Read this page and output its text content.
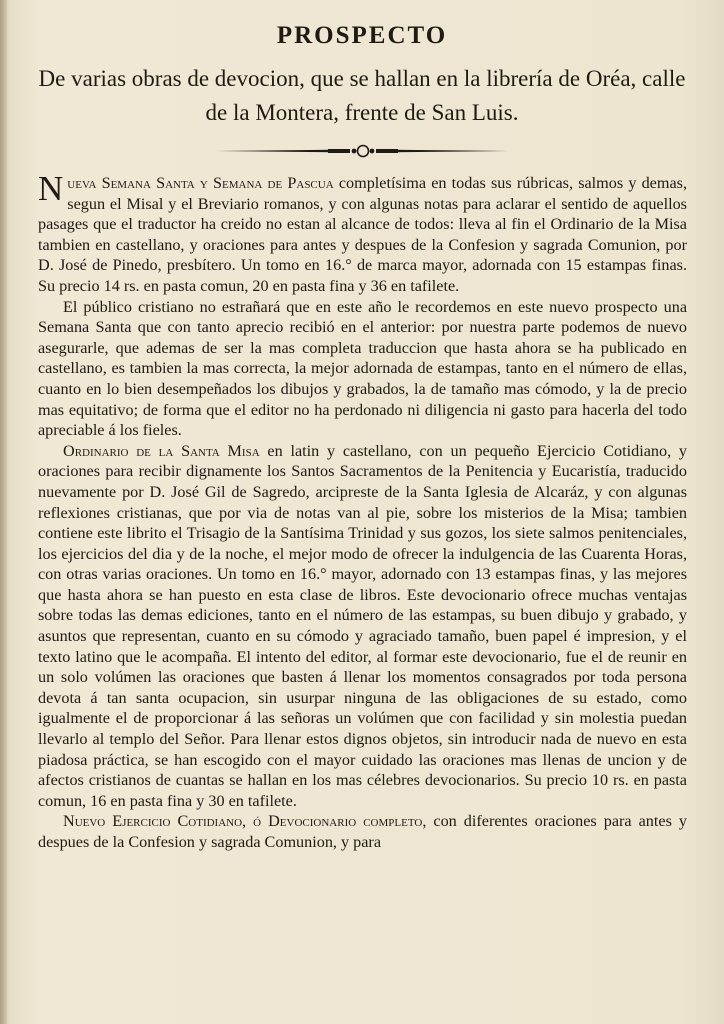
PROSPECTO
De varias obras de devocion, que se hallan en la librería de Oréa, calle de la Montera, frente de San Luis.

Nueva Semana Santa y Semana de Pascua completísima en todas sus rúbricas, salmos y demas, segun el Misal y el Breviario romanos, y con algunas notas para aclarar el sentido de aquellos pasages que el traductor ha creido no estan al alcance de todos: lleva al fin el Ordinario de la Misa tambien en castellano, y oraciones para antes y despues de la Confesion y sagrada Comunion, por D. José de Pinedo, presbítero. Un tomo en 16.° de marca mayor, adornada con 15 estampas finas. Su precio 14 rs. en pasta comun, 20 en pasta fina y 36 en tafilete.

El público cristiano no estrañará que en este año le recordemos en este nuevo prospecto una Semana Santa que con tanto aprecio recibió en el anterior: por nuestra parte podemos de nuevo asegurarle, que ademas de ser la mas completa traduccion que hasta ahora se ha publicado en castellano, es tambien la mas correcta, la mejor adornada de estampas, tanto en el número de ellas, cuanto en lo bien desempeñados los dibujos y grabados, la de tamaño mas cómodo, y la de precio mas equitativo; de forma que el editor no ha perdonado ni diligencia ni gasto para hacerla del todo apreciable á los fieles.

Ordinario de la Santa Misa en latin y castellano, con un pequeño Ejercicio Cotidiano, y oraciones para recibir dignamente los Santos Sacramentos de la Penitencia y Eucaristía, traducido nuevamente por D. José Gil de Sagredo, arcipreste de la Santa Iglesia de Alcaráz, y con algunas reflexiones cristianas, que por via de notas van al pie, sobre los misterios de la Misa; tambien contiene este librito el Trisagio de la Santísima Trinidad y sus gozos, los siete salmos penitenciales, los ejercicios del dia y de la noche, el mejor modo de ofrecer la indulgencia de las Cuarenta Horas, con otras varias oraciones. Un tomo en 16.° mayor, adornado con 13 estampas finas, y las mejores que hasta ahora se han puesto en esta clase de libros. Este devocionario ofrece muchas ventajas sobre todas las demas ediciones, tanto en el número de las estampas, su buen dibujo y grabado, y asuntos que representan, cuanto en su cómodo y agraciado tamaño, buen papel é impresion, y el texto latino que le acompaña. El intento del editor, al formar este devocionario, fue el de reunir en un solo volúmen las oraciones que basten á llenar los momentos consagrados por toda persona devota á tan santa ocupacion, sin usurpar ninguna de las obligaciones de su estado, como igualmente el de proporcionar á las señoras un volúmen que con facilidad y sin molestia puedan llevarlo al templo del Señor. Para llenar estos dignos objetos, sin introducir nada de nuevo en esta piadosa práctica, se han escogido con el mayor cuidado las oraciones mas llenas de uncion y de afectos cristianos de cuantas se hallan en los mas célebres devocionarios. Su precio 10 rs. en pasta comun, 16 en pasta fina y 30 en tafilete.

Nuevo Ejercicio Cotidiano, ó Devocionario completo, con diferentes oraciones para antes y despues de la Confesion y sagrada Comunion, y para
